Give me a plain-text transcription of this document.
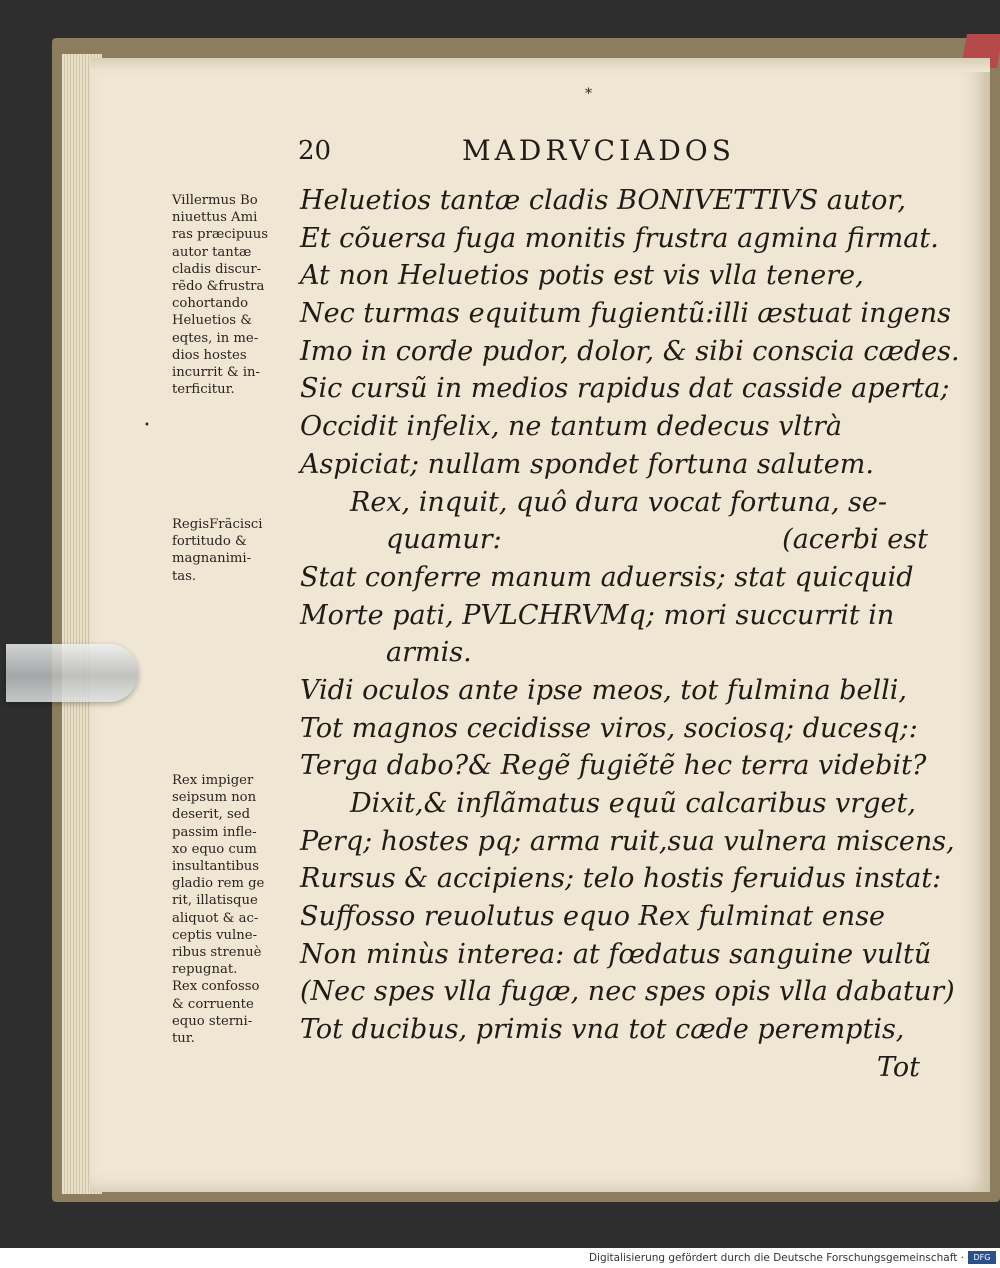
*
20	MADRVCIADOS
Heluetios tantæ cladis BONIVETTIVS autor,
Et cõuersa fuga monitis frustra agmina firmat.
At non Heluetios potis est vis vlla tenere,
Nec turmas equitum fugientũ:illi æstuat ingens
Imo in corde pudor, dolor, & sibi conscia cædes.
Sic cursũ in medios rapidus dat casside aperta;
Occidit infelix, ne tantum dedecus vltrà
Aspiciat; nullam spondet fortuna salutem.
Rex, inquit, quô dura vocat fortuna, se-
quamur:	(acerbi est
Stat conferre manum aduersis; stat quicquid
Morte pati, PVLCHRVMq; mori succurrit in
armis.
Vidi oculos ante ipse meos, tot fulmina belli,
Tot magnos cecidisse viros, sociosq; ducesq;:
Terga dabo?& Regẽ fugiẽtẽ hec terra videbit?
Dixit,& inflãmatus equũ calcaribus vrget,
Perq; hostes pq; arma ruit,sua vulnera miscens,
Rursus & accipiens; telo hostis feruidus instat:
Suffosso reuolutus equo Rex fulminat ense
Non minùs interea: at fœdatus sanguine vultũ
(Nec spes vlla fugæ, nec spes opis vlla dabatur)
Tot ducibus, primis vna tot cæde peremptis,
Tot
Villermus Bo
niuettus Ami
ras præcipuus
autor tantæ
cladis discur-
rẽdo &frustra
cohortando
Heluetios &
eqtes, in me-
dios hostes
incurrit & in-
terficitur.
•
RegisFrãcisci
fortitudo &
magnanimi-
tas.
Rex impiger
seipsum non
deserit, sed
passim infle-
xo equo cum
insultantibus
gladio rem ge
rit, illatisque
aliquot & ac-
ceptis vulne-
ribus strenuè
repugnat.
Rex confosso
& corruente
equo sterni-
tur.
Digitalisierung gefördert durch die Deutsche Forschungsgemeinschaft ·	DFG
